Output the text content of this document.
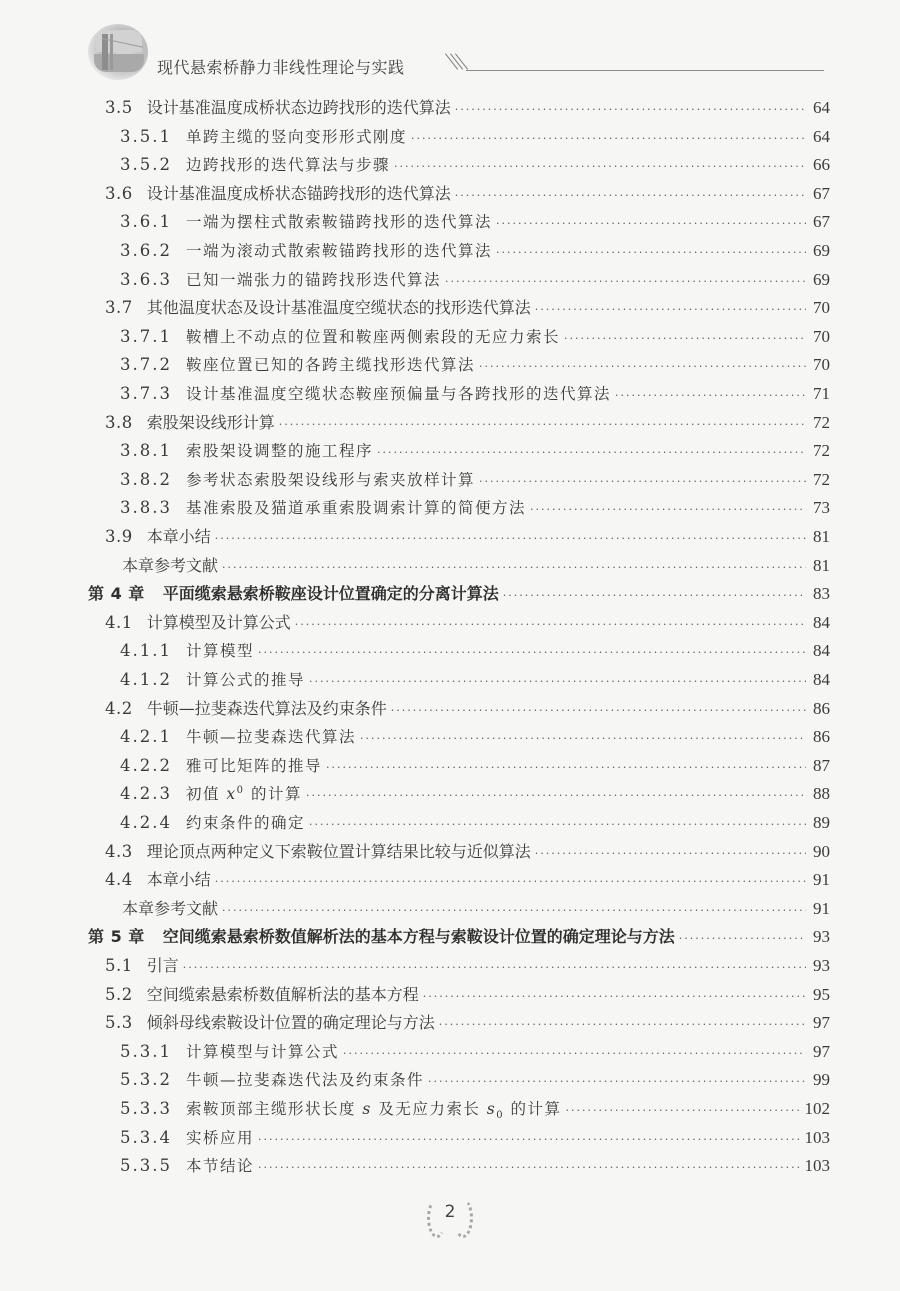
现代悬索桥静力非线性理论与实践
3.5 设计基准温度成桥状态边跨找形的迭代算法 ·····	64
3.5.1 单跨主缆的竖向变形形式刚度 ·····	64
3.5.2 边跨找形的迭代算法与步骤 ·····	66
3.6 设计基准温度成桥状态锚跨找形的迭代算法 ·····	67
3.6.1 一端为摆柱式散索鞍锚跨找形的迭代算法 ·····	67
3.6.2 一端为滚动式散索鞍锚跨找形的迭代算法 ·····	69
3.6.3 已知一端张力的锚跨找形迭代算法 ·····	69
3.7 其他温度状态及设计基准温度空缆状态的找形迭代算法 ·····	70
3.7.1 鞍槽上不动点的位置和鞍座两侧索段的无应力索长 ·····	70
3.7.2 鞍座位置已知的各跨主缆找形迭代算法 ·····	70
3.7.3 设计基准温度空缆状态鞍座预偏量与各跨找形的迭代算法 ·····	71
3.8 索股架设线形计算 ·····	72
3.8.1 索股架设调整的施工程序 ·····	72
3.8.2 参考状态索股架设线形与索夹放样计算 ·····	72
3.8.3 基准索股及猫道承重索股调索计算的简便方法 ·····	73
3.9 本章小结 ·····	81
本章参考文献 ·····	81
第 4 章	平面缆索悬索桥鞍座设计位置确定的分离计算法 ·····	83
4.1 计算模型及计算公式 ·····	84
4.1.1 计算模型 ·····	84
4.1.2 计算公式的推导 ·····	84
4.2 牛顿—拉斐森迭代算法及约束条件 ·····	86
4.2.1 牛顿—拉斐森迭代算法 ·····	86
4.2.2 雅可比矩阵的推导 ·····	87
4.2.3 初值 $x^0$ 的计算 ·····	88
4.2.4 约束条件的确定 ·····	89
4.3 理论顶点两种定义下索鞍位置计算结果比较与近似算法 ·····	90
4.4 本章小结 ·····	91
本章参考文献 ·····	91
第 5 章	空间缆索悬索桥数值解析法的基本方程与索鞍设计位置的确定理论与方法 ·····	93
5.1 引言 ·····	93
5.2 空间缆索悬索桥数值解析法的基本方程 ·····	95
5.3 倾斜母线索鞍设计位置的确定理论与方法 ·····	97
5.3.1 计算模型与计算公式 ·····	97
5.3.2 牛顿—拉斐森迭代法及约束条件 ·····	99
5.3.3 索鞍顶部主缆形状长度 s 及无应力索长 $s_0$ 的计算 ·····	102
5.3.4 实桥应用 ·····	103
5.3.5 本节结论 ·····	103
2
